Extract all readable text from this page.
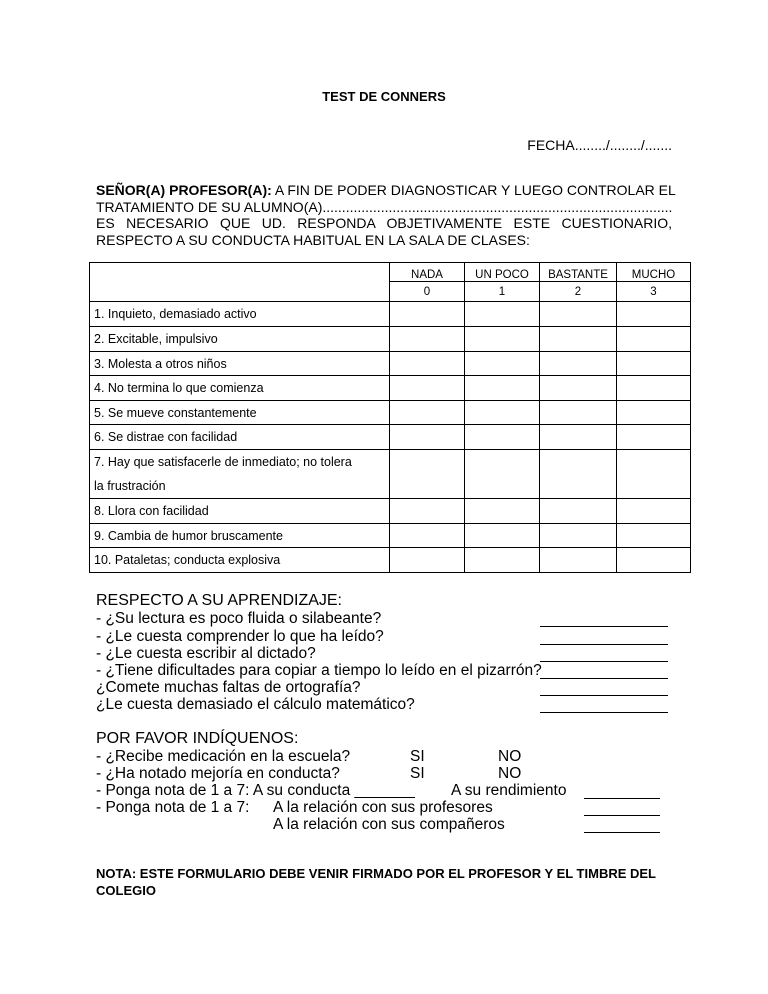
TEST DE CONNERS
FECHA......../......../.......
SEÑOR(A) PROFESOR(A): A FIN DE PODER DIAGNOSTICAR Y LUEGO CONTROLAR EL
TRATAMIENTO DE SU ALUMNO(A)..........................................................................................
ES NECESARIO QUE UD. RESPONDA OBJETIVAMENTE ESTE CUESTIONARIO,
RESPECTO A SU CONDUCTA HABITUAL EN LA SALA DE CLASES:
	NADA	UN POCO	BASTANTE	MUCHO
	0	1	2	3
1. Inquieto, demasiado activo				
2. Excitable, impulsivo				
3. Molesta a otros niños				
4. No termina lo que comienza				
5. Se mueve constantemente				
6. Se distrae con facilidad				
7. Hay que satisfacerle de inmediato; no tolera
la frustración				
8. Llora con facilidad				
9. Cambia de humor bruscamente				
10. Pataletas; conducta explosiva				
RESPECTO A SU APRENDIZAJE:
- ¿Su lectura es poco fluida o silabeante?
- ¿Le cuesta comprender lo que ha leído?
- ¿Le cuesta escribir al dictado?
- ¿Tiene dificultades para copiar a tiempo lo leído en el pizarrón?
¿Comete muchas faltas de ortografía?
¿Le cuesta demasiado el cálculo matemático?
POR FAVOR INDÍQUENOS:
- ¿Recibe medicación en la escuela?	SI	NO
- ¿Ha notado mejoría en conducta?	SI	NO
- Ponga nota de 1 a 7: A su conducta _______ A su rendimiento
- Ponga nota de 1 a 7: A la relación con sus profesores
A la relación con sus compañeros
NOTA: ESTE FORMULARIO DEBE VENIR FIRMADO POR EL PROFESOR Y EL TIMBRE DEL COLEGIO
